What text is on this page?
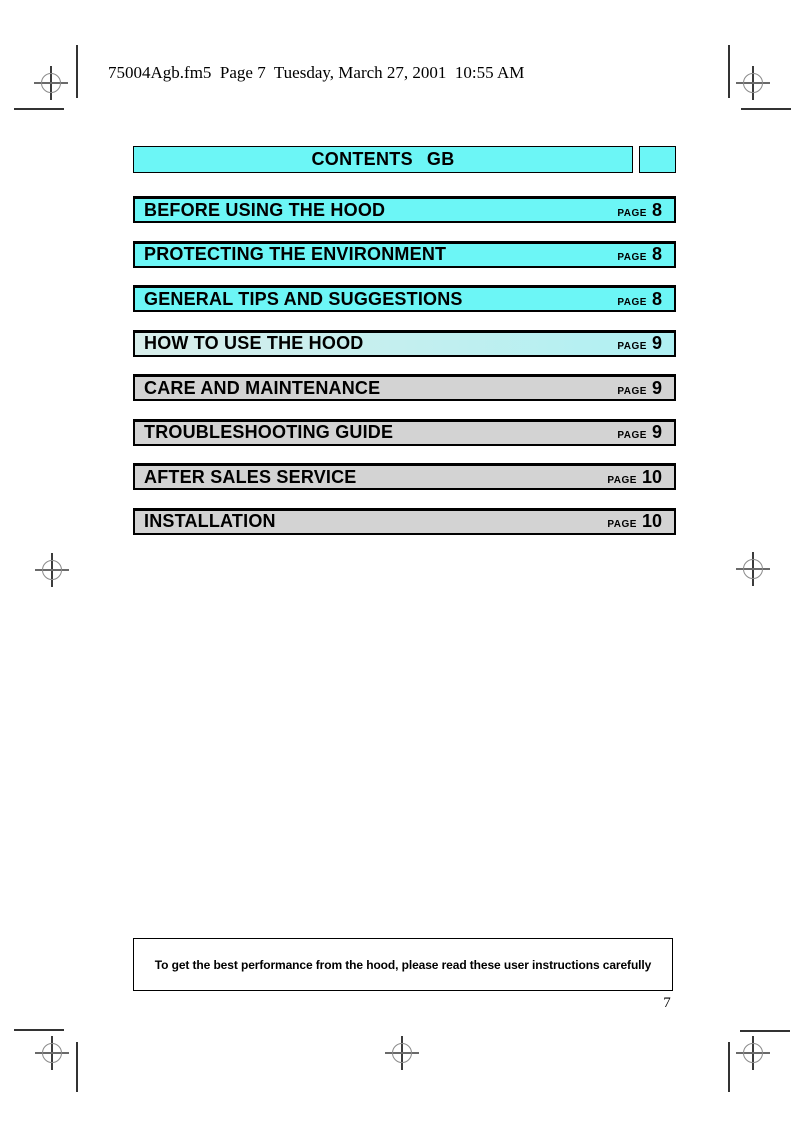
75004Agb.fm5  Page 7  Tuesday, March 27, 2001  10:55 AM
CONTENTS GB
BEFORE USING THE HOOD	PAGE 8
PROTECTING THE ENVIRONMENT	PAGE 8
GENERAL TIPS AND SUGGESTIONS	PAGE 8
HOW TO USE THE HOOD	PAGE 9
CARE AND MAINTENANCE	PAGE 9
TROUBLESHOOTING GUIDE	PAGE 9
AFTER SALES SERVICE	PAGE 10
INSTALLATION	PAGE 10
To get the best performance from the hood, please read these user instructions carefully
7
